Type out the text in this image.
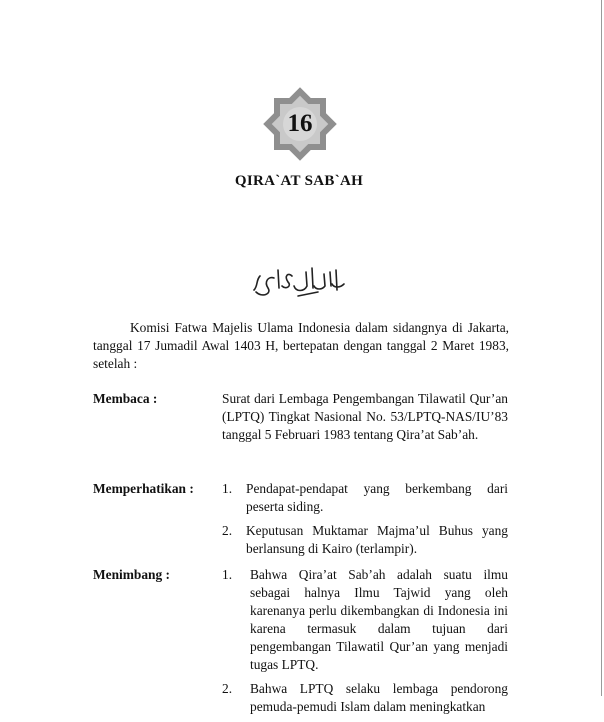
16
QIRA`AT SAB`AH
Komisi Fatwa Majelis Ulama Indonesia dalam sidangnya di Jakarta, tanggal 17 Jumadil Awal 1403 H, bertepatan dengan tanggal 2 Maret 1983, setelah :
Membaca :	Surat dari Lembaga Pengembangan Tilawatil Qur’an (LPTQ) Tingkat Nasional No. 53/LPTQ-NAS/IU’83 tanggal 5 Februari 1983 tentang Qira’at Sab’ah.
Memperhatikan : 1. Pendapat-pendapat yang berkembang dari peserta siding.
2. Keputusan Muktamar Majma’ul Buhus yang berlansung di Kairo (terlampir).
Menimbang :	1. Bahwa Qira’at Sab’ah adalah suatu ilmu sebagai halnya Ilmu Tajwid yang oleh karenanya perlu dikembangkan di Indonesia ini karena termasuk dalam tujuan dari pengembangan Tilawatil Qur’an yang menjadi tugas LPTQ.
2. Bahwa LPTQ selaku lembaga pendorong pemuda-pemudi Islam dalam meningkatkan
